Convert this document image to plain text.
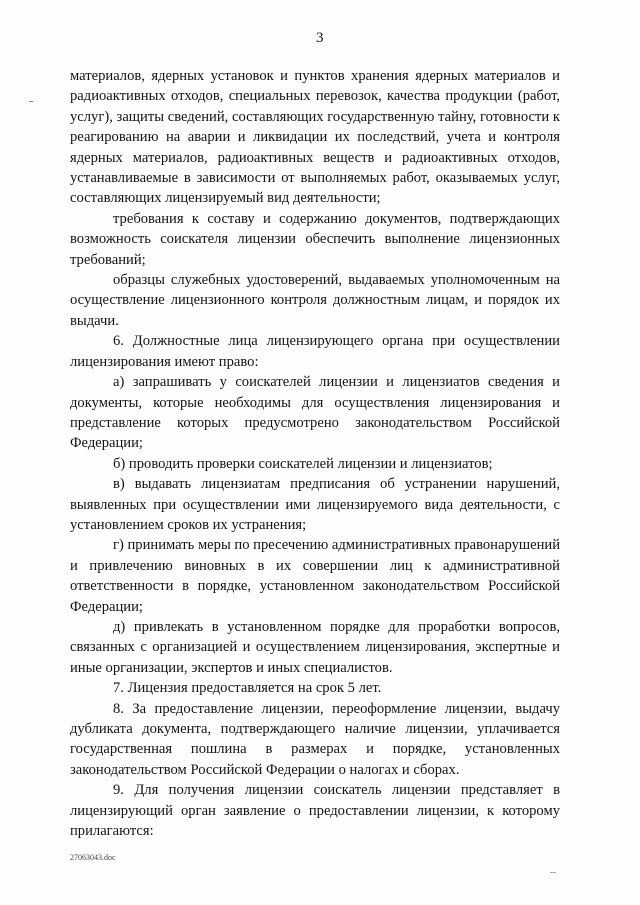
3

материалов, ядерных установок и пунктов хранения ядерных материалов и радиоактивных отходов, специальных перевозок, качества продукции (работ, услуг), защиты сведений, составляющих государственную тайну, готовности к реагированию на аварии и ликвидации их последствий, учета и контроля ядерных материалов, радиоактивных веществ и радиоактивных отходов, устанавливаемые в зависимости от выполняемых работ, оказываемых услуг, составляющих лицензируемый вид деятельности;

требования к составу и содержанию документов, подтверждающих возможность соискателя лицензии обеспечить выполнение лицензионных требований;

образцы служебных удостоверений, выдаваемых уполномоченным на осуществление лицензионного контроля должностным лицам, и порядок их выдачи.

6. Должностные лица лицензирующего органа при осуществлении лицензирования имеют право:

а) запрашивать у соискателей лицензии и лицензиатов сведения и документы, которые необходимы для осуществления лицензирования и представление которых предусмотрено законодательством Российской Федерации;

б) проводить проверки соискателей лицензии и лицензиатов;

в) выдавать лицензиатам предписания об устранении нарушений, выявленных при осуществлении ими лицензируемого вида деятельности, с установлением сроков их устранения;

г) принимать меры по пресечению административных правонарушений и привлечению виновных в их совершении лиц к административной ответственности в порядке, установленном законодательством Российской Федерации;

д) привлекать в установленном порядке для проработки вопросов, связанных с организацией и осуществлением лицензирования, экспертные и иные организации, экспертов и иных специалистов.

7. Лицензия предоставляется на срок 5 лет.

8. За предоставление лицензии, переоформление лицензии, выдачу дубликата документа, подтверждающего наличие лицензии, уплачивается государственная пошлина в размерах и порядке, установленных законодательством Российской Федерации о налогах и сборах.

9. Для получения лицензии соискатель лицензии представляет в лицензирующий орган заявление о предоставлении лицензии, к которому прилагаются:

27063043.doc
